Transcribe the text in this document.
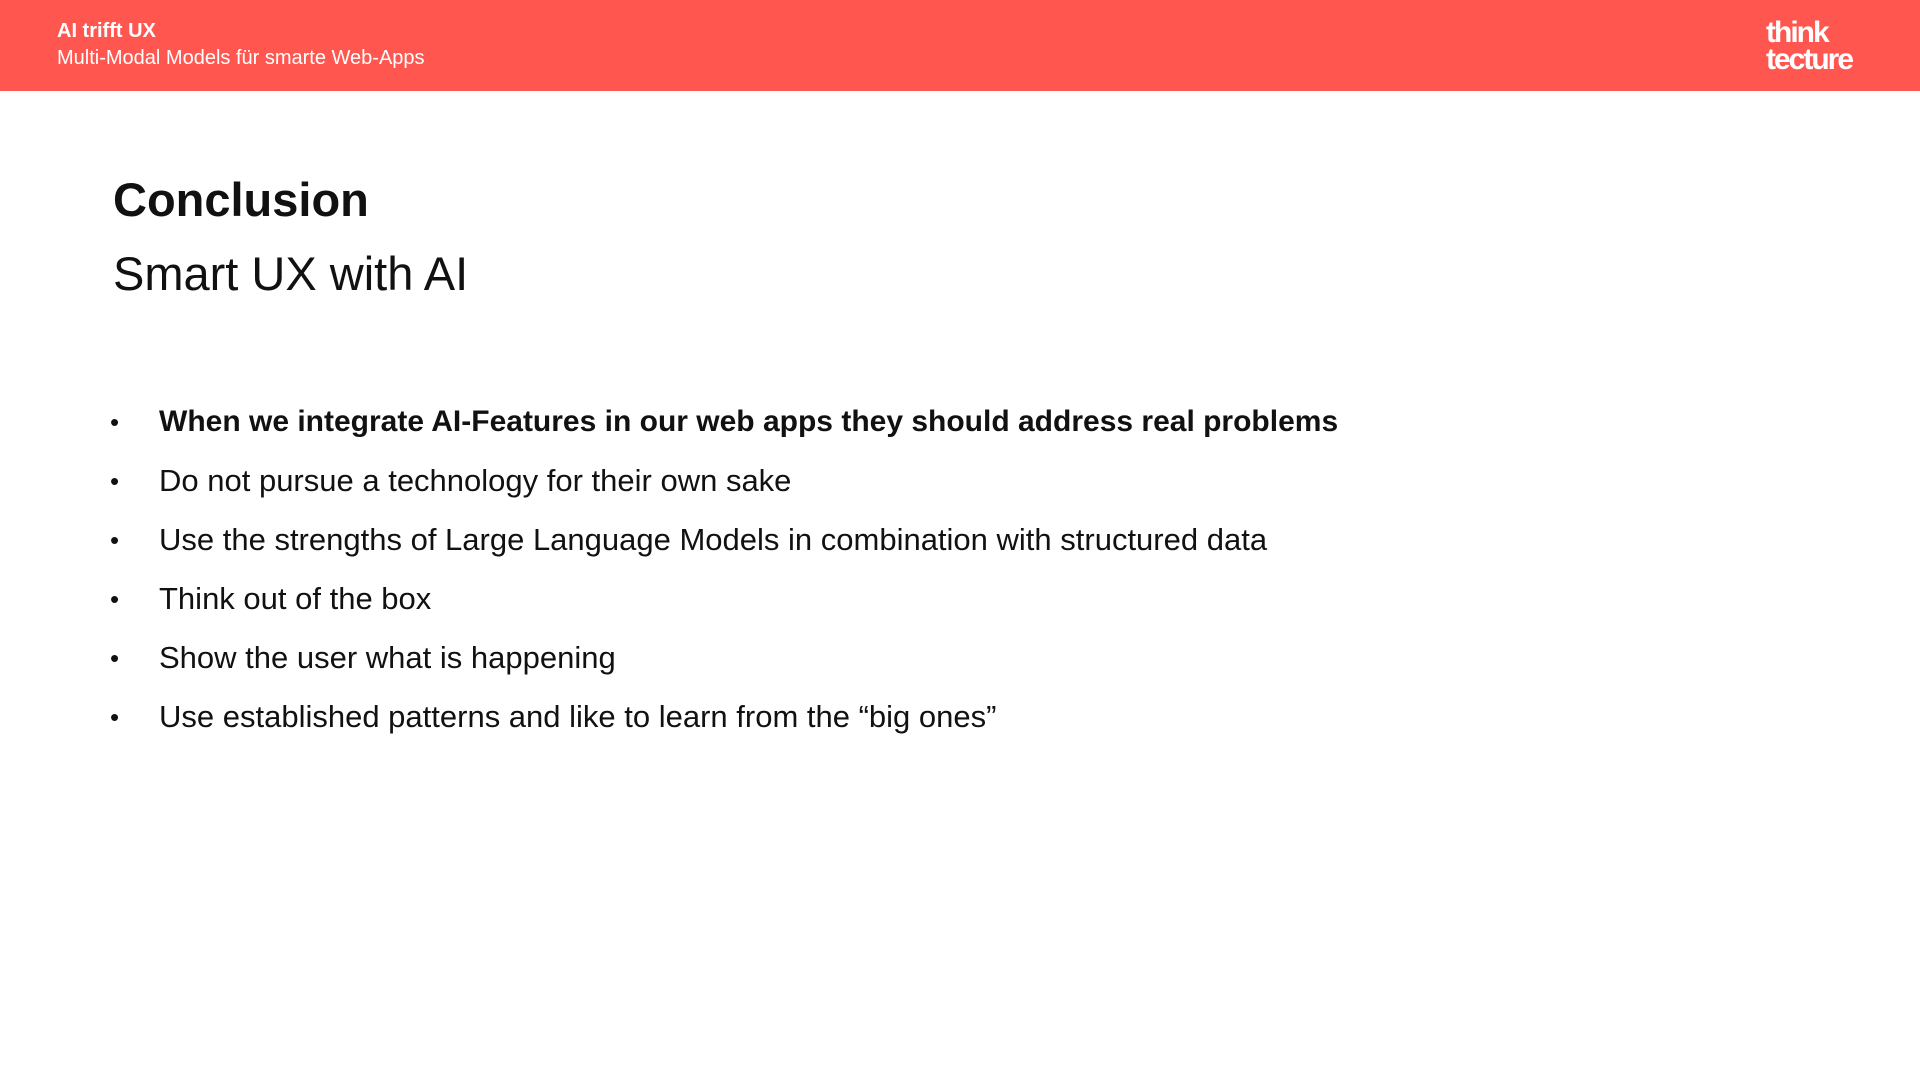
AI trifft UX
Multi-Modal Models für smarte Web-Apps
think
tecture
Conclusion
Smart UX with AI
•	When we integrate AI-Features in our web apps they should address real problems
•	Do not pursue a technology for their own sake
•	Use the strengths of Large Language Models in combination with structured data
•	Think out of the box
•	Show the user what is happening
•	Use established patterns and like to learn from the “big ones”
